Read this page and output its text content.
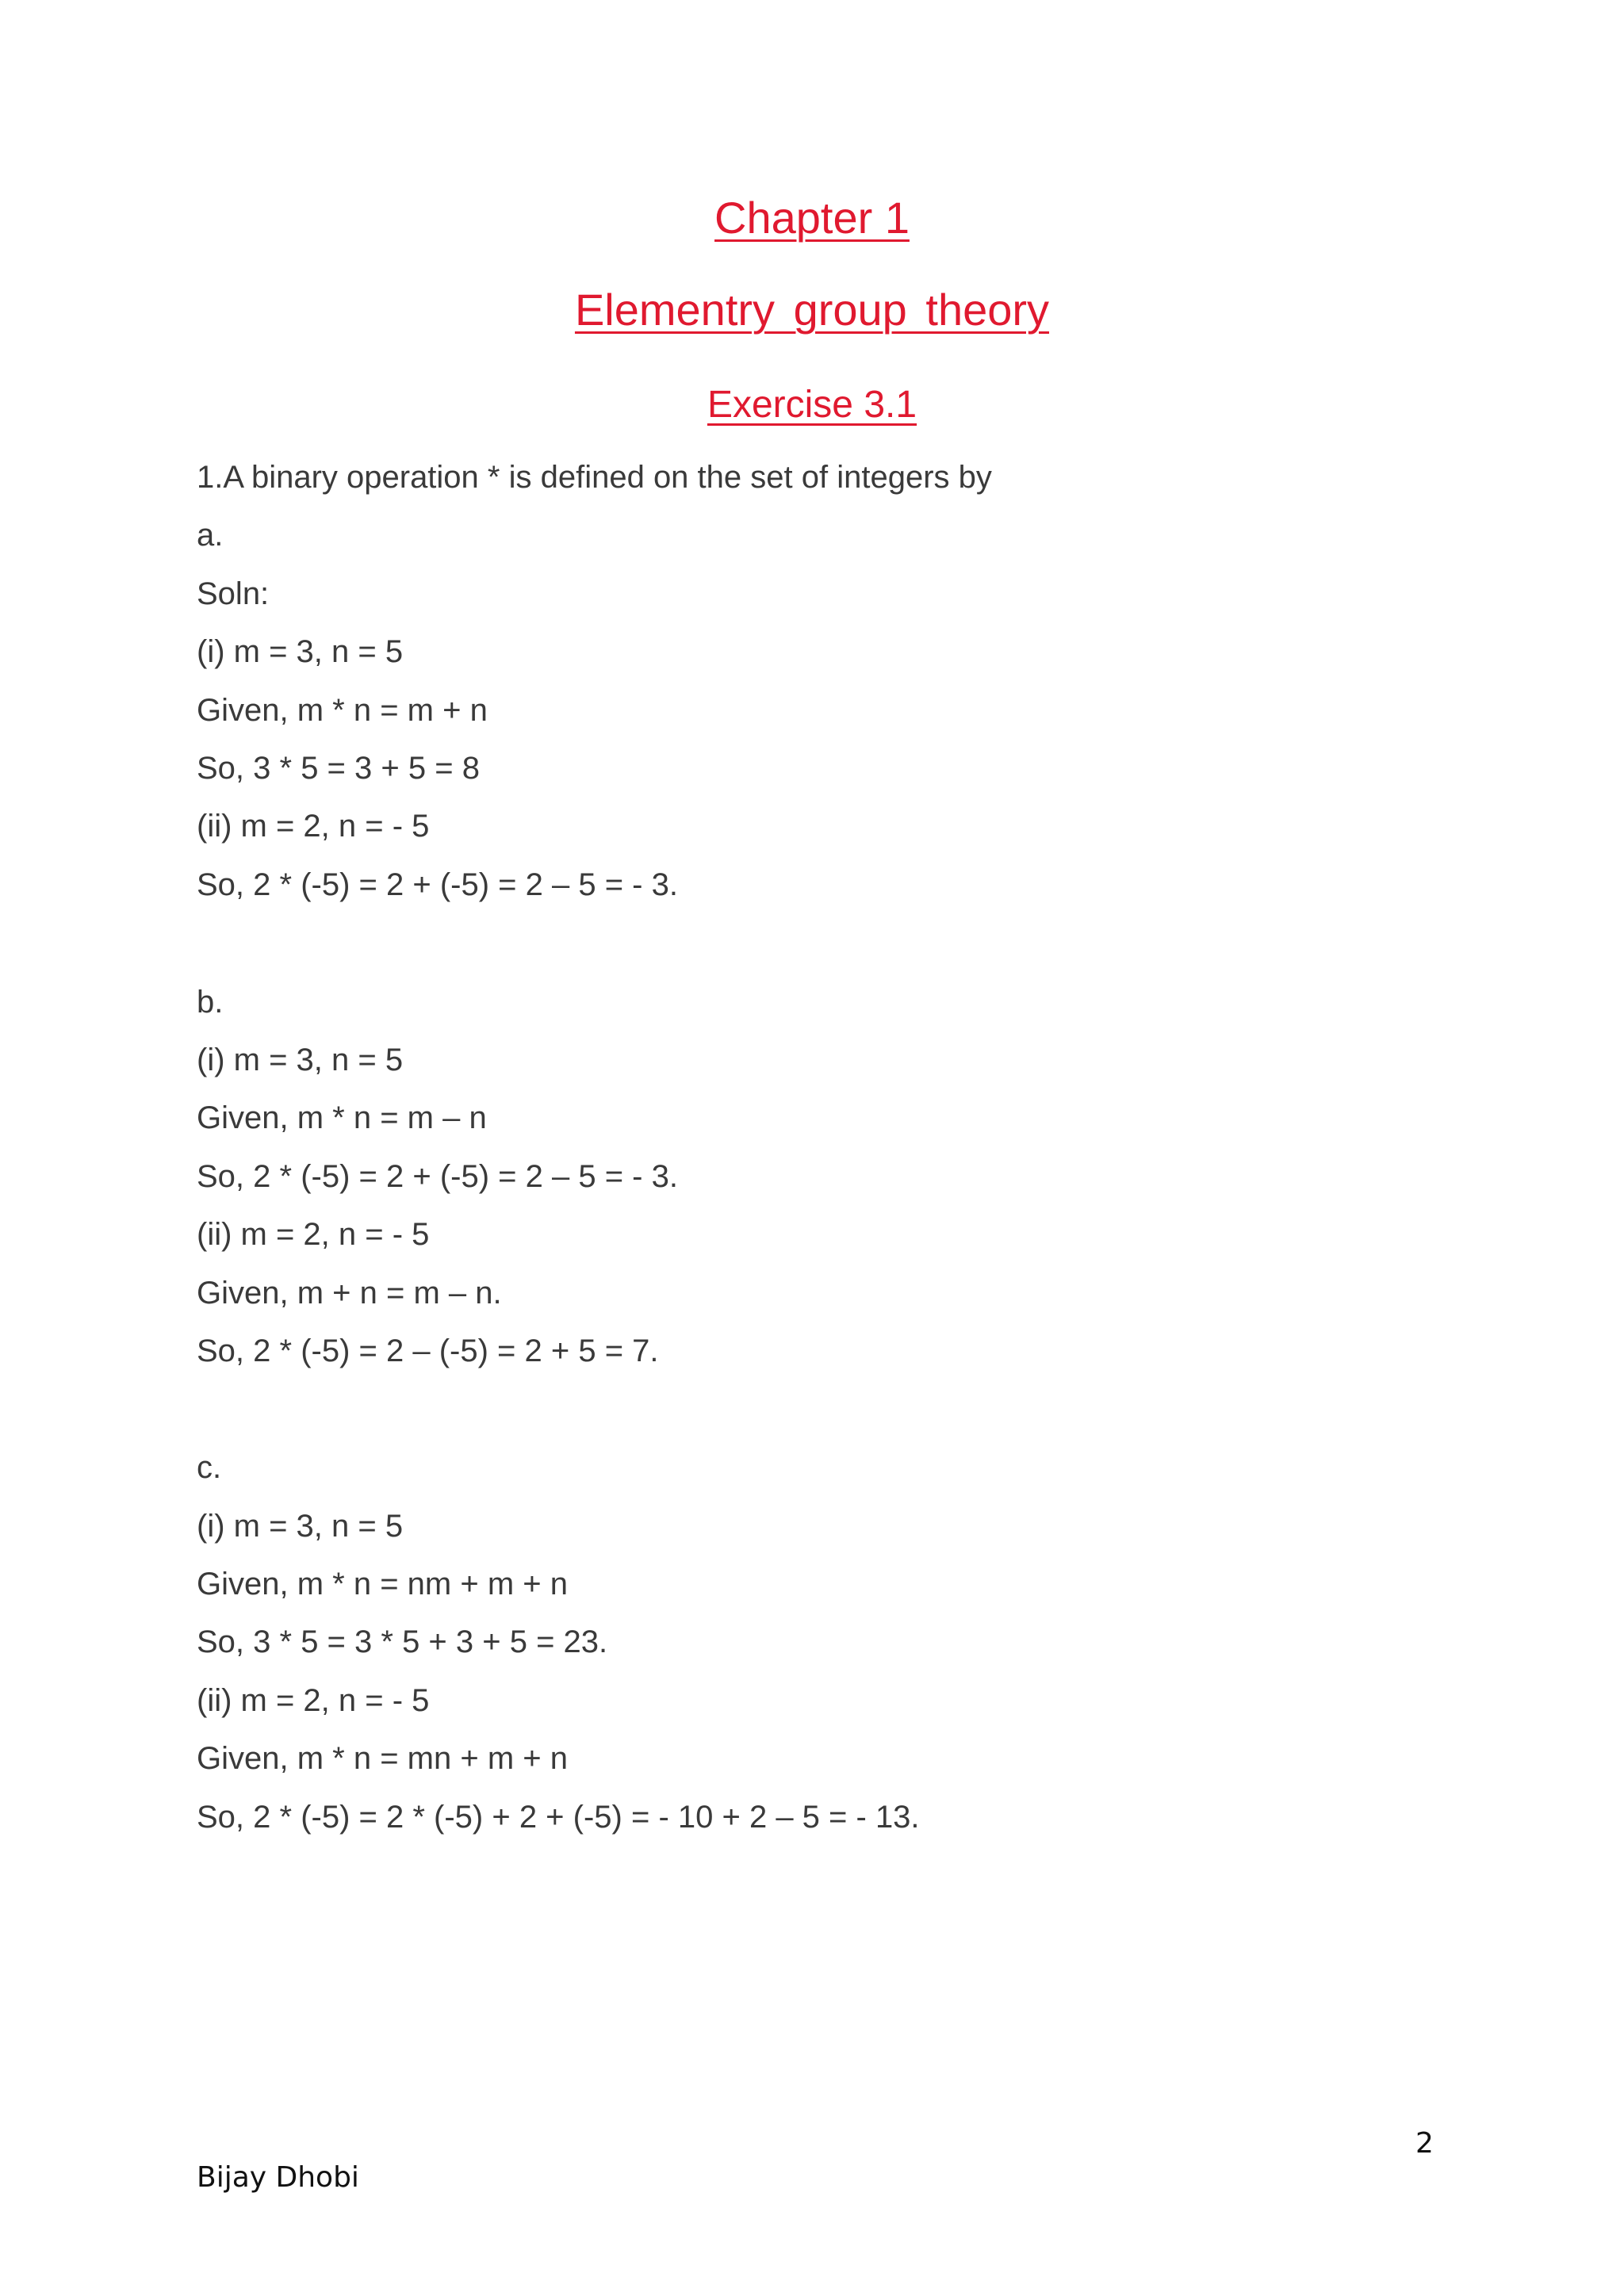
Chapter 1
Elementry group theory
Exercise 3.1
1.A binary operation * is defined on the set of integers by
a.
Soln:
(i) m = 3, n = 5
Given, m * n = m + n
So, 3 * 5 = 3 + 5 = 8
(ii) m = 2, n = - 5
So, 2 * (-5) = 2 + (-5) = 2 – 5 = - 3.
b.
(i) m = 3, n = 5
Given, m * n = m – n
So, 2 * (-5) = 2 + (-5) = 2 – 5 = - 3.
(ii) m = 2, n = - 5
Given, m + n = m – n.
So, 2 * (-5) = 2 – (-5) = 2 + 5 = 7.
c.
(i) m = 3, n = 5
Given, m * n = nm + m + n
So, 3 * 5 = 3 * 5 + 3 + 5 = 23.
(ii) m = 2, n = - 5
Given, m * n = mn + m + n
So, 2 * (-5) = 2 * (-5) + 2 + (-5) = - 10 + 2 – 5 = - 13.
2
Bijay Dhobi
